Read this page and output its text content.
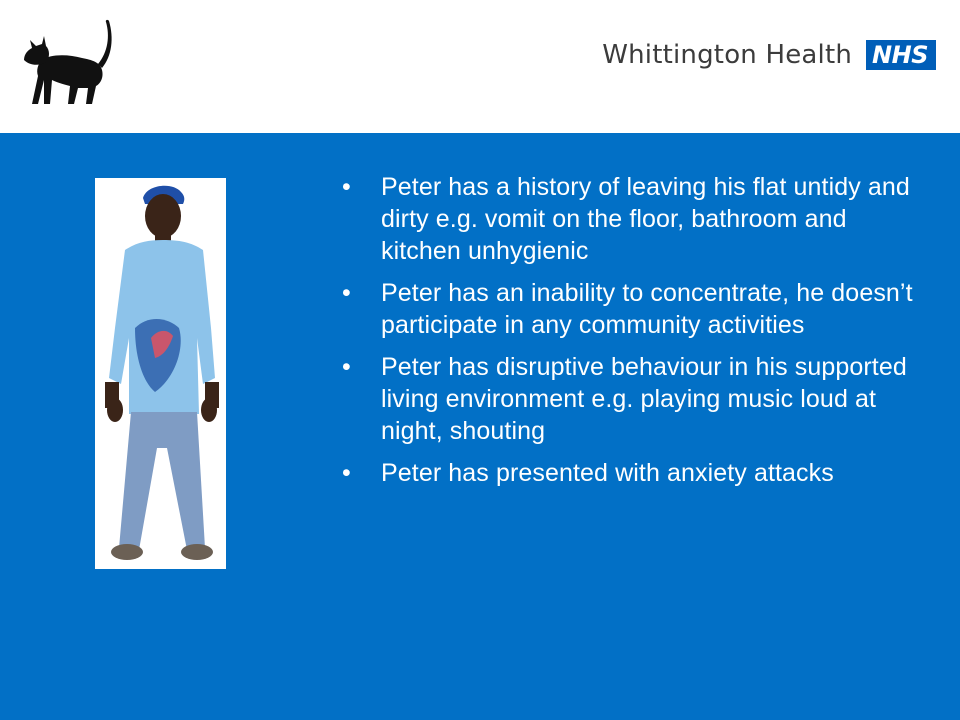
Whittington Health NHS
• Peter has a history of leaving his flat untidy and dirty e.g. vomit on the floor, bathroom and kitchen unhygienic
• Peter has an inability to concentrate, he doesn’t participate in any community activities
• Peter has disruptive behaviour in his supported living environment e.g. playing music loud at night, shouting
• Peter has presented with anxiety attacks
